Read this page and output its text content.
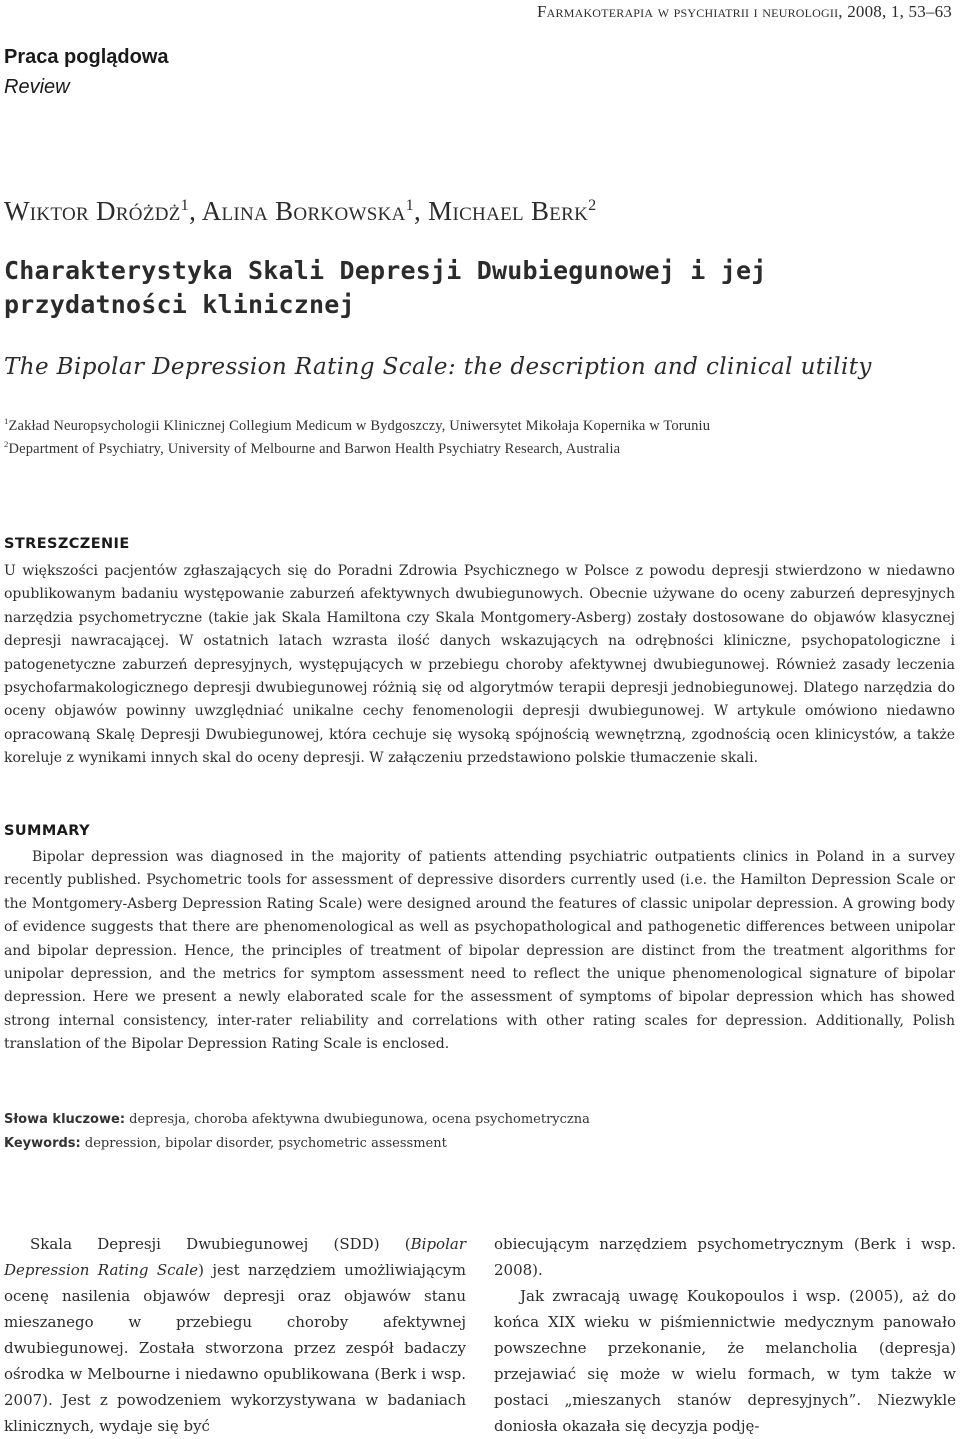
Farmakoterapia w psychiatrii i neurologii, 2008, 1, 53–63
Praca poglądowa
Review
Wiktor Dróżdż$^1$, Alina Borkowska$^1$, Michael Berk$^2$
Charakterystyka Skali Depresji Dwubiegunowej i jej
przydatności klinicznej
The Bipolar Depression Rating Scale: the description and clinical utility
$^1$Zakład Neuropsychologii Klinicznej Collegium Medicum w Bydgoszczy, Uniwersytet Mikołaja Kopernika w Toruniu
$^2$Department of Psychiatry, University of Melbourne and Barwon Health Psychiatry Research, Australia
STRESZCZENIE

U większości pacjentów zgłaszających się do Poradni Zdrowia Psychicznego w Polsce z powodu depresji stwierdzono w niedawno opublikowanym badaniu występowanie zaburzeń afektywnych dwubiegunowych. Obecnie używane do oceny zaburzeń depresyjnych narzędzia psychometryczne (takie jak Skala Hamiltona czy Skala Montgomery-Asberg) zostały dostosowane do objawów klasycznej depresji nawracającej. W ostatnich latach wzrasta ilość danych wskazujących na odrębności kliniczne, psychopatologiczne i patogenetyczne zaburzeń depresyjnych, występujących w przebiegu choroby afektywnej dwubiegunowej. Również zasady leczenia psychofarmakologicznego depresji dwubiegunowej różnią się od algorytmów terapii depresji jednobiegunowej. Dlatego narzędzia do oceny objawów powinny uwzględniać unikalne cechy fenomenologii depresji dwubiegunowej. W artykule omówiono niedawno opracowaną Skalę Depresji Dwubiegunowej, która cechuje się wysoką spójnością wewnętrzną, zgodnością ocen klinicystów, a także koreluje z wynikami innych skal do oceny depresji. W załączeniu przedstawiono polskie tłumaczenie skali.

SUMMARY

Bipolar depression was diagnosed in the majority of patients attending psychiatric outpatients clinics in Poland in a survey recently published. Psychometric tools for assessment of depressive disorders currently used (i.e. the Hamilton Depression Scale or the Montgomery-Asberg Depression Rating Scale) were designed around the features of classic unipolar depression. A growing body of evidence suggests that there are phenomenological as well as psychopathological and pathogenetic differences between unipolar and bipolar depression. Hence, the principles of treatment of bipolar depression are distinct from the treatment algorithms for unipolar depression, and the metrics for symptom assessment need to reflect the unique phenomenological signature of bipolar depression. Here we present a newly elaborated scale for the assessment of symptoms of bipolar depression which has showed strong internal consistency, inter-rater reliability and correlations with other rating scales for depression. Additionally, Polish translation of the Bipolar Depression Rating Scale is enclosed.

Słowa kluczowe: depresja, choroba afektywna dwubiegunowa, ocena psychometryczna
Keywords: depression, bipolar disorder, psychometric assessment

Skala Depresji Dwubiegunowej (SDD) (Bipolar Depression Rating Scale) jest narzędziem umożliwiającym ocenę nasilenia objawów depresji oraz objawów stanu mieszanego w przebiegu choroby afektywnej dwubiegunowej. Została stworzona przez zespół badaczy ośrodka w Melbourne i niedawno opublikowana (Berk i wsp. 2007). Jest z powodzeniem wykorzystywana w badaniach klinicznych, wydaje się być

obiecującym narzędziem psychometrycznym (Berk i wsp. 2008).

Jak zwracają uwagę Koukopoulos i wsp. (2005), aż do końca XIX wieku w piśmiennictwie medycznym panowało powszechne przekonanie, że melancholia (depresja) przejawiać się może w wielu formach, w tym także w postaci „mieszanych stanów depresyjnych”. Niezwykle doniosła okazała się decyzja podję-
